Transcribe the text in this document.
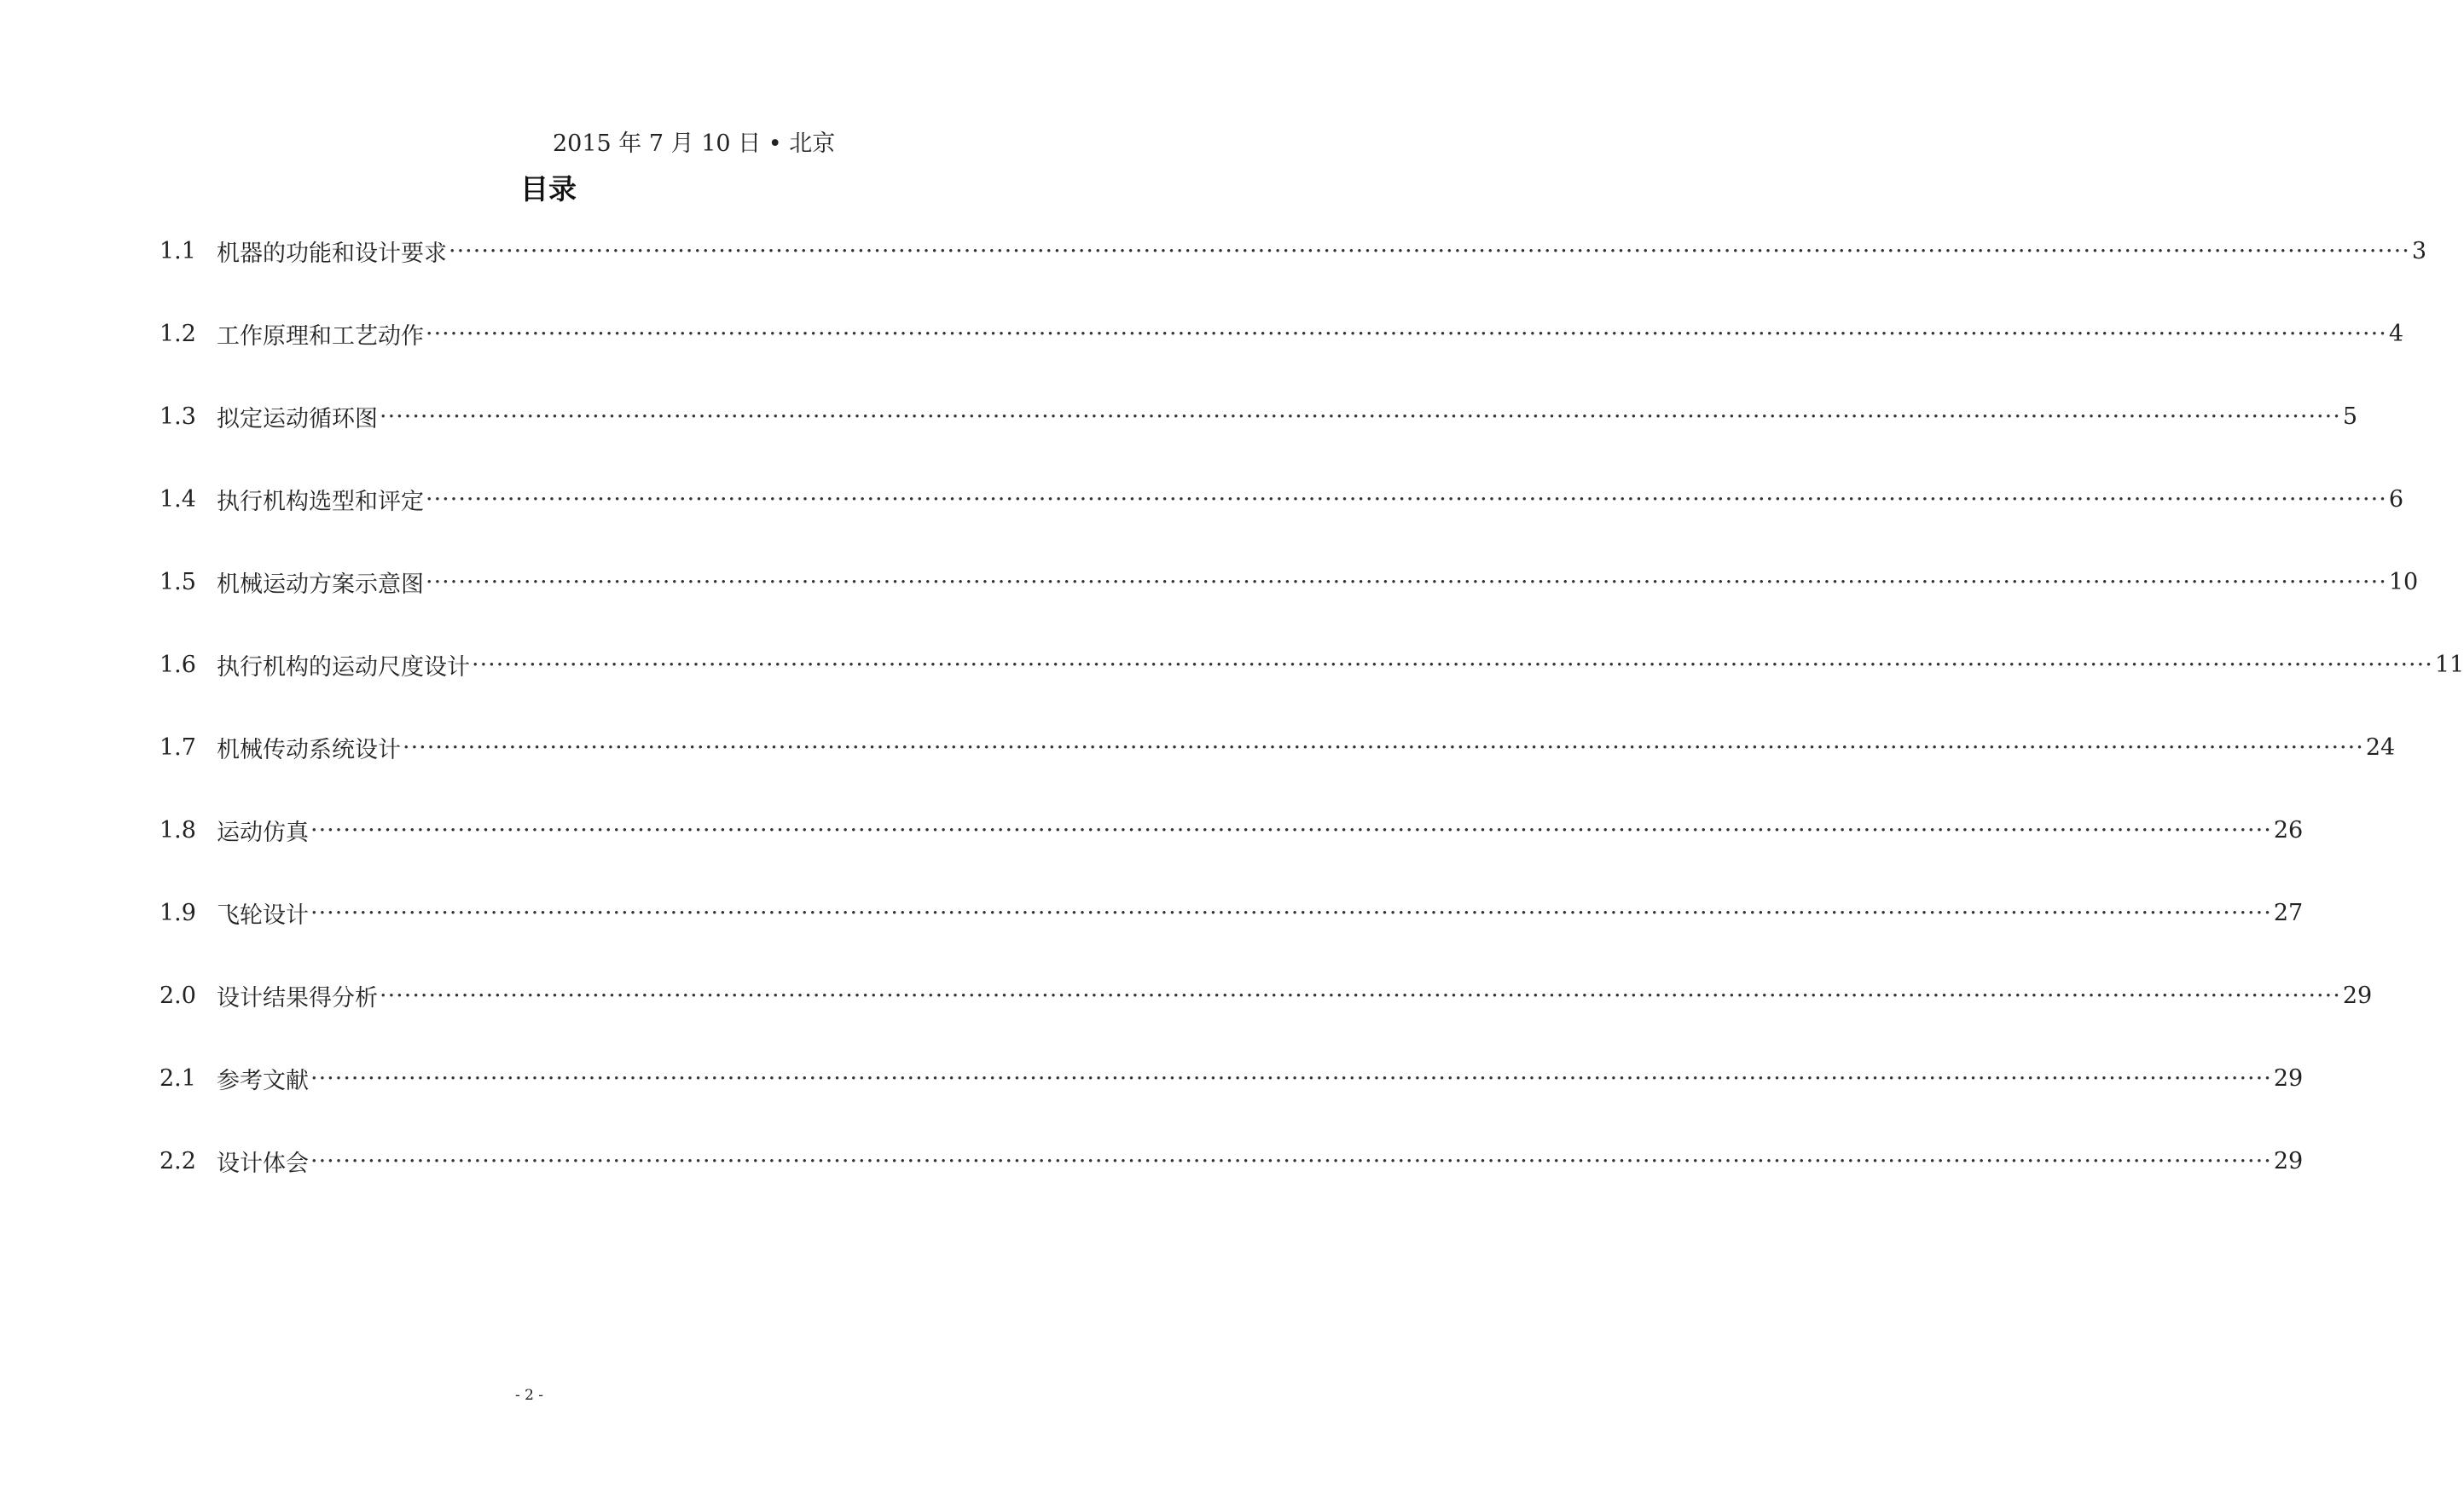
2015 年 7 月 10 日 • 北京
目录
1.1 机器的功能和设计要求 ················································································································································································································································ 3
1.2 工作原理和工艺动作 ················································································································································································································································ 4
1.3 拟定运动循环图 ················································································································································································································································ 5
1.4 执行机构选型和评定 ················································································································································································································································ 6
1.5 机械运动方案示意图 ················································································································································································································································ 10
1.6 执行机构的运动尺度设计 ················································································································································································································································ 11
1.7 机械传动系统设计 ················································································································································································································································ 24
1.8 运动仿真 ················································································································································································································································ 26
1.9 飞轮设计 ················································································································································································································································ 27
2.0 设计结果得分析 ················································································································································································································································ 29
2.1 参考文献 ················································································································································································································································ 29
2.2 设计体会 ················································································································································································································································ 29
- 2 -
